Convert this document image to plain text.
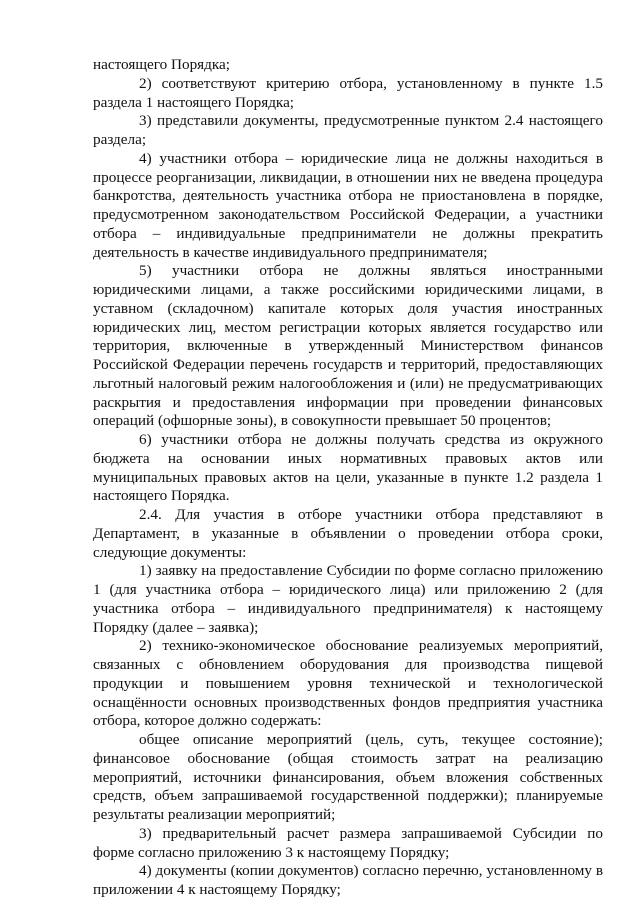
настоящего Порядка;

2) соответствуют критерию отбора, установленному в пункте 1.5 раздела 1 настоящего Порядка;

3) представили документы, предусмотренные пунктом 2.4 настоящего раздела;

4) участники отбора – юридические лица не должны находиться в процессе реорганизации, ликвидации, в отношении них не введена процедура банкротства, деятельность участника отбора не приостановлена в порядке, предусмотренном законодательством Российской Федерации, а участники отбора – индивидуальные предприниматели не должны прекратить деятельность в качестве индивидуального предпринимателя;

5) участники отбора не должны являться иностранными юридическими лицами, а также российскими юридическими лицами, в уставном (складочном) капитале которых доля участия иностранных юридических лиц, местом регистрации которых является государство или территория, включенные в утвержденный Министерством финансов Российской Федерации перечень государств и территорий, предоставляющих льготный налоговый режим налогообложения и (или) не предусматривающих раскрытия и предоставления информации при проведении финансовых операций (офшорные зоны), в совокупности превышает 50 процентов;

6) участники отбора не должны получать средства из окружного бюджета на основании иных нормативных правовых актов или муниципальных правовых актов на цели, указанные в пункте 1.2 раздела 1 настоящего Порядка.

2.4. Для участия в отборе участники отбора представляют в Департамент, в указанные в объявлении о проведении отбора сроки, следующие документы:

1) заявку на предоставление Субсидии по форме согласно приложению 1 (для участника отбора – юридического лица) или приложению 2 (для участника отбора – индивидуального предпринимателя) к настоящему Порядку (далее – заявка);

2) технико-экономическое обоснование реализуемых мероприятий, связанных с обновлением оборудования для производства пищевой продукции и повышением уровня технической и технологической оснащённости основных производственных фондов предприятия участника отбора, которое должно содержать:

общее описание мероприятий (цель, суть, текущее состояние); финансовое обоснование (общая стоимость затрат на реализацию мероприятий, источники финансирования, объем вложения собственных средств, объем запрашиваемой государственной поддержки); планируемые результаты реализации мероприятий;

3) предварительный расчет размера запрашиваемой Субсидии по форме согласно приложению 3 к настоящему Порядку;

4) документы (копии документов) согласно перечню, установленному в приложении 4 к настоящему Порядку;
